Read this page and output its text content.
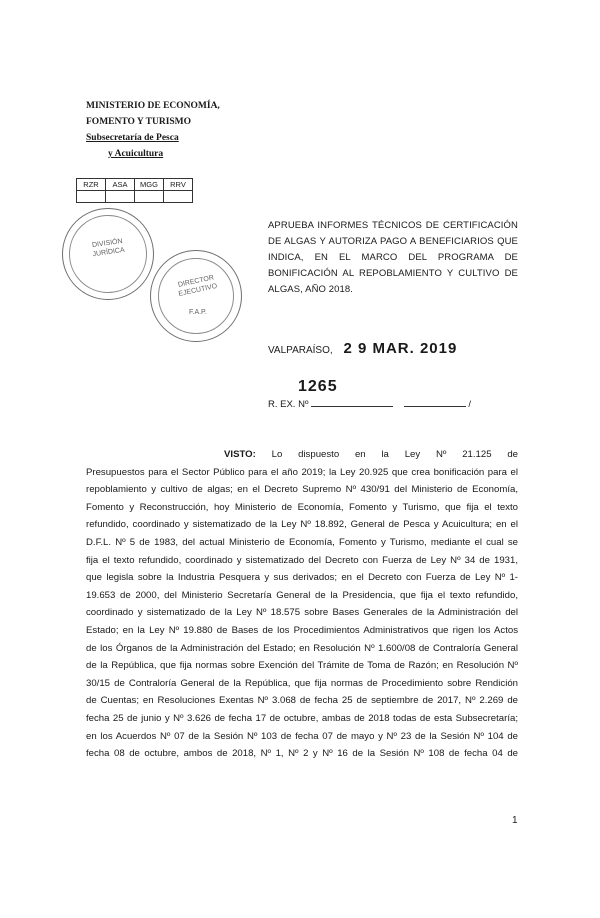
MINISTERIO DE ECONOMÍA,
FOMENTO Y TURISMO
Subsecretaría de Pesca
y Acuicultura
RZR	ASA	MGG	RRV

DIVISIÓN JURÍDICA
DIRECTOR EJECUTIVO
F.A.P.
APRUEBA INFORMES TÉCNICOS DE CERTIFICACIÓN DE ALGAS Y AUTORIZA PAGO A BENEFICIARIOS QUE INDICA, EN EL MARCO DEL PROGRAMA DE BONIFICACIÓN AL REPOBLAMIENTO Y CULTIVO DE ALGAS, AÑO 2018.
VALPARAÍSO, 2 9 MAR. 2019
1265
R. EX. Nº	/

VISTO: Lo dispuesto en la Ley Nº 21.125 de

Presupuestos para el Sector Público para el año 2019; la Ley 20.925 que crea bonificación para el

repoblamiento y cultivo de algas; en el Decreto Supremo Nº 430/91 del Ministerio de Economía,

Fomento y Reconstrucción, hoy Ministerio de Economía, Fomento y Turismo, que fija el texto

refundido, coordinado y sistematizado de la Ley Nº 18.892, General de Pesca y Acuicultura; en el

D.F.L. Nº 5 de 1983, del actual Ministerio de Economía, Fomento y Turismo, mediante el cual se

fija el texto refundido, coordinado y sistematizado del Decreto con Fuerza de Ley Nº 34 de 1931,

que legisla sobre la Industria Pesquera y sus derivados; en el Decreto con Fuerza de Ley Nº 1-

19.653 de 2000, del Ministerio Secretaría General de la Presidencia, que fija el texto refundido,

coordinado y sistematizado de la Ley Nº 18.575 sobre Bases Generales de la Administración del

Estado; en la Ley Nº 19.880 de Bases de los Procedimientos Administrativos que rigen los Actos

de los Órganos de la Administración del Estado; en Resolución Nº 1.600/08 de Contraloría General

de la República, que fija normas sobre Exención del Trámite de Toma de Razón; en Resolución Nº

30/15 de Contraloría General de la República, que fija normas de Procedimiento sobre Rendición

de Cuentas; en Resoluciones Exentas Nº 3.068 de fecha 25 de septiembre de 2017, Nº 2.269 de

fecha 25 de junio y Nº 3.626 de fecha 17 de octubre, ambas de 2018 todas de esta Subsecretaría;

en los Acuerdos Nº 07 de la Sesión Nº 103 de fecha 07 de mayo y Nº 23 de la Sesión Nº 104 de

fecha 08 de octubre, ambos de 2018, Nº 1, Nº 2 y Nº 16 de la Sesión Nº 108 de fecha 04 de

1
